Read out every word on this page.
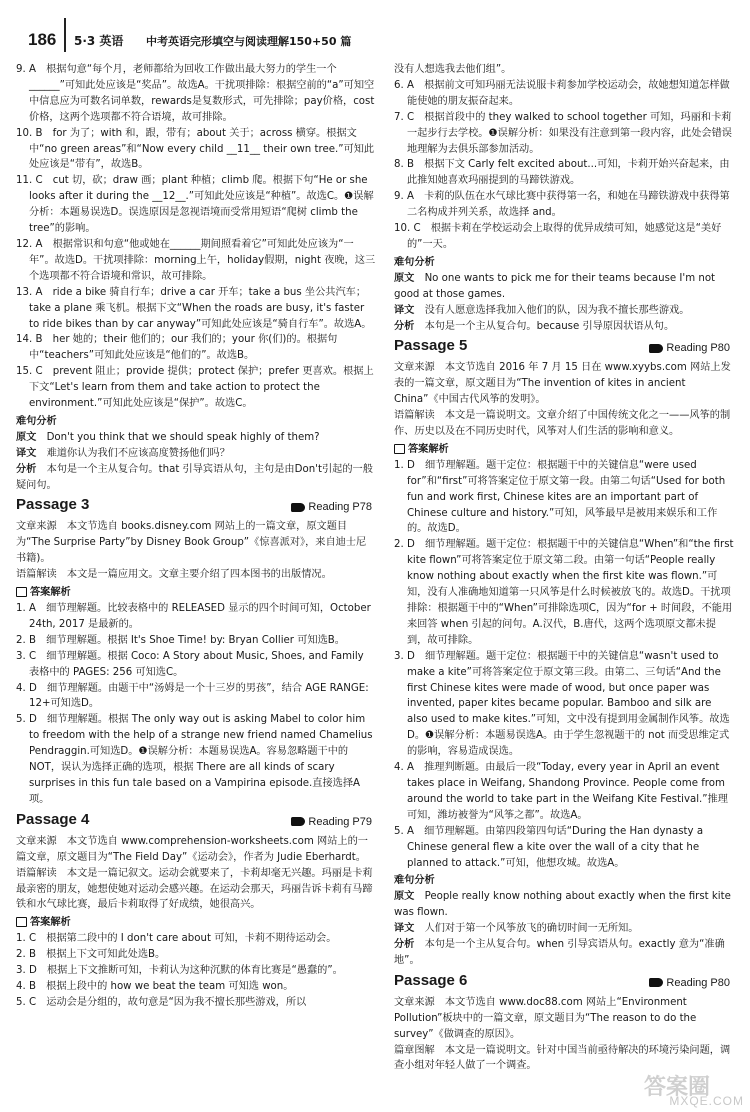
186 5·3 英语 中考英语完形填空与阅读理解150+50 篇

9. A　根据句意“每个月，老师都给为回收工作做出最大努力的学生一个______”可知此处应该是“奖品”。故选A。干扰项排除：根据空前的“a”可知空中信息应为可数名词单数，rewards是复数形式，可先排除；pay价格，cost 价格，这两个选项都不符合语境，故可排除。

10. B　for 为了；with 和，跟，带有；about 关于；across 横穿。根据文中“no green areas”和“Now every child __11__ their own tree.”可知此处应该是“带有”，故选B。

11. C　cut 切，砍；draw 画；plant 种植；climb 爬。根据下句“He or she looks after it during the __12__.”可知此处应该是“种植”。故选C。❶误解分析：本题易误选D。误选原因是忽视语境而受常用短语“爬树 climb the tree”的影响。

12. A　根据常识和句意“他或她在______期间照看着它”可知此处应该为“一年”。故选D。干扰项排除：morning上午，holiday假期，night 夜晚，这三个选项都不符合语境和常识，故可排除。

13. A　ride a bike 骑自行车；drive a car 开车；take a bus 坐公共汽车；take a plane 乘飞机。根据下文“When the roads are busy, it's faster to ride bikes than by car anyway”可知此处应该是“骑自行车”。故选A。

14. B　her 她的；their 他们的；our 我们的；your 你(们)的。根据句中“teachers”可知此处应该是“他们的”。故选B。

15. C　prevent 阻止；provide 提供；protect 保护；prefer 更喜欢。根据上下文“Let's learn from them and take action to protect the environment.”可知此处应该是“保护”。故选C。

难句分析

原文　 Don't you think that we should speak highly of them?

译文　 难道你认为我们不应该高度赞扬他们吗？

分析　 本句是一个主从复合句。that 引导宾语从句，主句是由Don't引起的一般疑问句。

Passage 3	Reading P78

文章来源　本文节选自 books.disney.com 网站上的一篇文章，原文题目为“The Surprise Party”by Disney Book Group”《惊喜派对》，来自迪士尼书籍)。

语篇解读　本文是一篇应用文。文章主要介绍了四本图书的出版情况。

答案解析

1. A　细节理解题。比较表格中的 RELEASED 显示的四个时间可知，October 24th, 2017 是最新的。

2. B　细节理解题。根据 It's Shoe Time! by: Bryan Collier 可知选B。

3. C　细节理解题。根据 Coco: A Story about Music, Shoes, and Family 表格中的 PAGES: 256 可知选C。

4. D　细节理解题。由题干中“汤姆是一个十三岁的男孩”，结合 AGE RANGE: 12+可知选D。

5. D　细节理解题。根据 The only way out is asking Mabel to color him to freedom with the help of a strange new friend named Chamelius Pendraggin.可知选D。❶误解分析：本题易误选A。容易忽略题干中的 NOT，误认为选择正确的选项，根据 There are all kinds of scary surprises in this fun tale based on a Vampirina episode.直接选择A项。

Passage 4	Reading P79

文章来源　本文节选自 www.comprehension-worksheets.com 网站上的一篇文章，原文题目为“The Field Day”《运动会》，作者为 Judie Eberhardt。

语篇解读　本文是一篇记叙文。运动会就要来了，卡莉却毫无兴趣。玛丽是卡莉最亲密的朋友，她想使她对运动会感兴趣。在运动会那天，玛丽告诉卡莉有马蹄铁和水气球比赛，最后卡莉取得了好成绩，她很高兴。

答案解析

1. C　根据第二段中的 I don't care about 可知，卡莉不期待运动会。

2. B　根据上下文可知此处选B。

3. D　根据上下文推断可知，卡莉认为这种沉默的体育比赛是“愚蠢的”。

4. B　根据上段中的 how we beat the team 可知选 won。

5. C　运动会是分组的，故句意是“因为我不擅长那些游戏，所以

没有人想选我去他们组”。

6. A　根据前文可知玛丽无法说服卡莉参加学校运动会，故她想知道怎样做能使她的朋友振奋起来。

7. C　根据首段中的 they walked to school together 可知，玛丽和卡莉一起步行去学校。❶误解分析：如果没有注意到第一段内容，此处会错误地理解为去俱乐部参加活动。

8. B　根据下文 Carly felt excited about...可知，卡莉开始兴奋起来，由此推知她喜欢玛丽提到的马蹄铁游戏。

9. A　卡莉的队伍在水气球比赛中获得第一名，和她在马蹄铁游戏中获得第二名构成并列关系，故选择 and。

10. C　根据卡莉在学校运动会上取得的优异成绩可知，她感觉这是“美好的”一天。

难句分析

原文　 No one wants to pick me for their teams because I'm not good at those games.

译文　 没有人愿意选择我加入他们的队，因为我不擅长那些游戏。

分析　 本句是一个主从复合句。because 引导原因状语从句。

Passage 5	Reading P80

文章来源　本文节选自 2016 年 7 月 15 日在 www.xyybs.com 网站上发表的一篇文章，原文题目为“The invention of kites in ancient China”《中国古代风筝的发明》。

语篇解读　本文是一篇说明文。文章介绍了中国传统文化之一——风筝的制作、历史以及在不同历史时代，风筝对人们生活的影响和意义。

答案解析

1. D　细节理解题。题干定位：根据题干中的关键信息“were used for”和“first”可将答案定位于原文第一段。由第二句话“Used for both fun and work first, Chinese kites are an important part of Chinese culture and history.”可知，风筝最早是被用来娱乐和工作的。故选D。

2. D　细节理解题。题干定位：根据题干中的关键信息“When”和“the first kite flown”可将答案定位于原文第二段。由第一句话“People really know nothing about exactly when the first kite was flown.”可知，没有人准确地知道第一只风筝是什么时候被放飞的。故选D。干扰项排除：根据题干中的“When”可排除选项C，因为“for + 时间段，不能用来回答 when 引起的问句。A.汉代，B.唐代，这两个选项原文都未提到，故可排除。

3. D　细节理解题。题干定位：根据题干中的关键信息“wasn't used to make a kite”可将答案定位于原文第三段。由第二、三句话“And the first Chinese kites were made of wood, but once paper was invented, paper kites became popular. Bamboo and silk are also used to make kites.”可知，文中没有提到用金属制作风筝。故选D。❶误解分析：本题易误选A。由于学生忽视题干的 not 而受思维定式的影响，容易造成误选。

4. A　推理判断题。由最后一段“Today, every year in April an event takes place in Weifang, Shandong Province. People come from around the world to take part in the Weifang Kite Festival.”推理可知，潍坊被誉为“风筝之都”。故选A。

5. A　细节理解题。由第四段第四句话“During the Han dynasty a Chinese general flew a kite over the wall of a city that he planned to attack.”可知，他想攻城。故选A。

难句分析

原文　 People really know nothing about exactly when the first kite was flown.

译文　 人们对于第一个风筝放飞的确切时间一无所知。

分析　 本句是一个主从复合句。when 引导宾语从句。exactly 意为“准确地”。

Passage 6	Reading P80

文章来源　本文节选自 www.doc88.com 网站上“Environment Pollution”板块中的一篇文章，原文题目为“The reason to do the survey”《做调查的原因》。

篇章图解　本文是一篇说明文。针对中国当前亟待解决的环境污染问题，调查小组对年轻人做了一个调查。

答案圈
MXQE.COM
